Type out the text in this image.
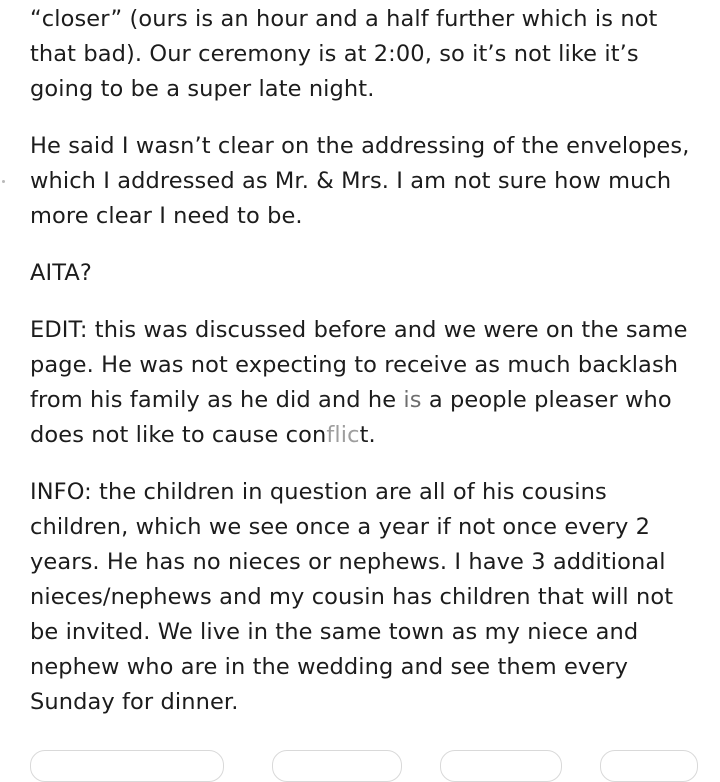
“closer” (ours is an hour and a half further which is not that bad). Our ceremony is at 2:00, so it’s not like it’s going to be a super late night.

He said I wasn’t clear on the addressing of the envelopes, which I addressed as Mr. & Mrs. I am not sure how much more clear I need to be.

AITA?

EDIT: this was discussed before and we were on the same page. He was not expecting to receive as much backlash from his family as he did and he is a people pleaser who does not like to cause conflict.

INFO: the children in question are all of his cousins children, which we see once a year if not once every 2 years. He has no nieces or nephews. I have 3 additional nieces/nephews and my cousin has children that will not be invited. We live in the same town as my niece and nephew who are in the wedding and see them every Sunday for dinner.
